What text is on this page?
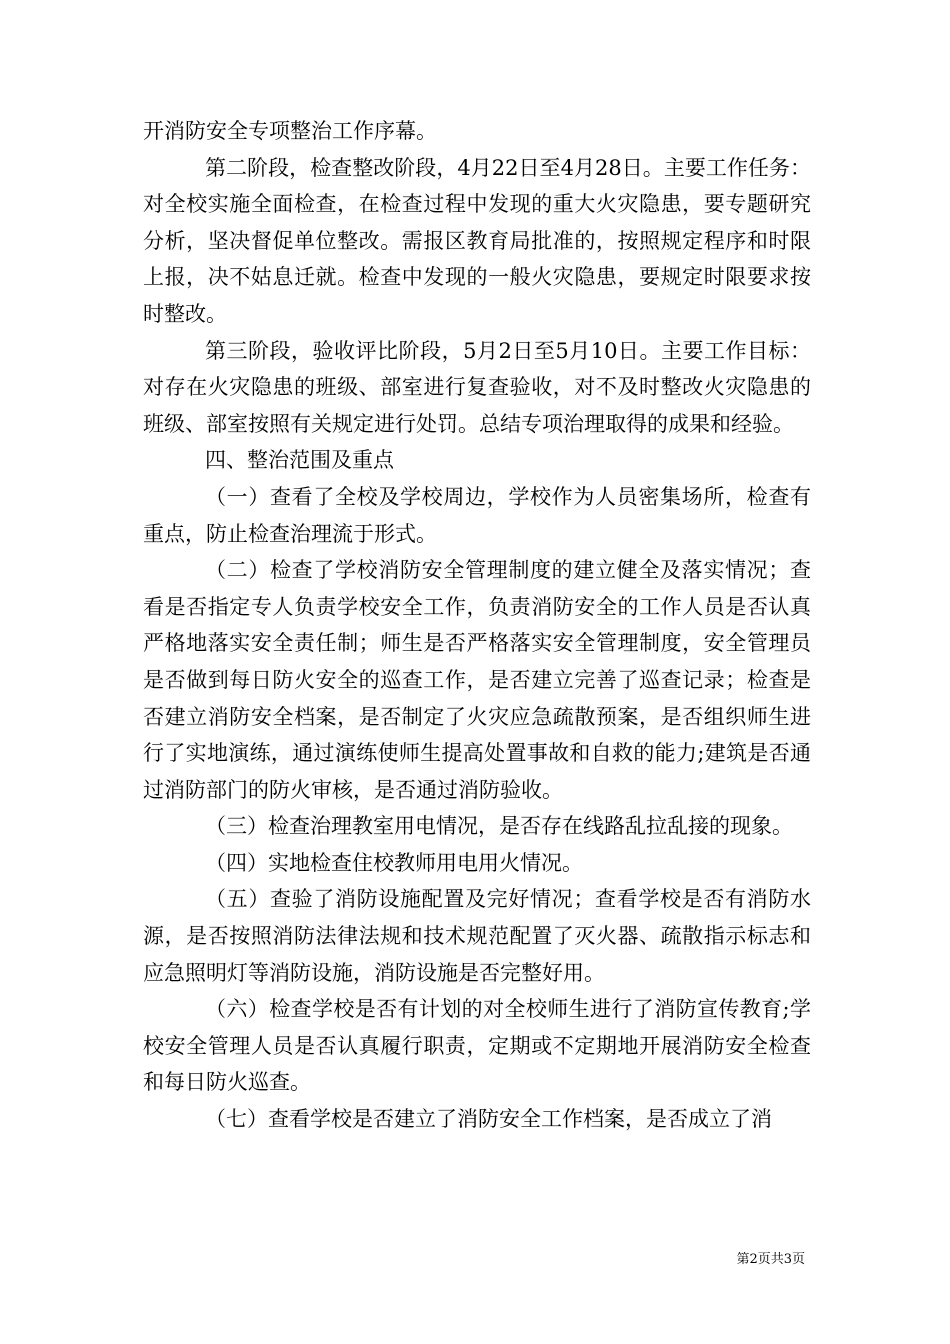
开消防安全专项整治工作序幕。

第二阶段，检查整改阶段，4月22日至4月28日。主要工作任务：对全校实施全面检查，在检查过程中发现的重大火灾隐患，要专题研究分析，坚决督促单位整改。需报区教育局批准的，按照规定程序和时限上报，决不姑息迁就。检查中发现的一般火灾隐患，要规定时限要求按时整改。

第三阶段，验收评比阶段，5月2日至5月10日。主要工作目标：对存在火灾隐患的班级、部室进行复查验收，对不及时整改火灾隐患的班级、部室按照有关规定进行处罚。总结专项治理取得的成果和经验。

四、整治范围及重点

（一）查看了全校及学校周边，学校作为人员密集场所，检查有重点，防止检查治理流于形式。

（二）检查了学校消防安全管理制度的建立健全及落实情况；查看是否指定专人负责学校安全工作，负责消防安全的工作人员是否认真严格地落实安全责任制；师生是否严格落实安全管理制度，安全管理员是否做到每日防火安全的巡查工作，是否建立完善了巡查记录；检查是否建立消防安全档案，是否制定了火灾应急疏散预案，是否组织师生进行了实地演练，通过演练使师生提高处置事故和自救的能力;建筑是否通过消防部门的防火审核，是否通过消防验收。

（三）检查治理教室用电情况，是否存在线路乱拉乱接的现象。

（四）实地检查住校教师用电用火情况。

（五）查验了消防设施配置及完好情况；查看学校是否有消防水源，是否按照消防法律法规和技术规范配置了灭火器、疏散指示标志和应急照明灯等消防设施，消防设施是否完整好用。

（六）检查学校是否有计划的对全校师生进行了消防宣传教育;学校安全管理人员是否认真履行职责，定期或不定期地开展消防安全检查和每日防火巡查。

（七）查看学校是否建立了消防安全工作档案，是否成立了消

第2页共3页
